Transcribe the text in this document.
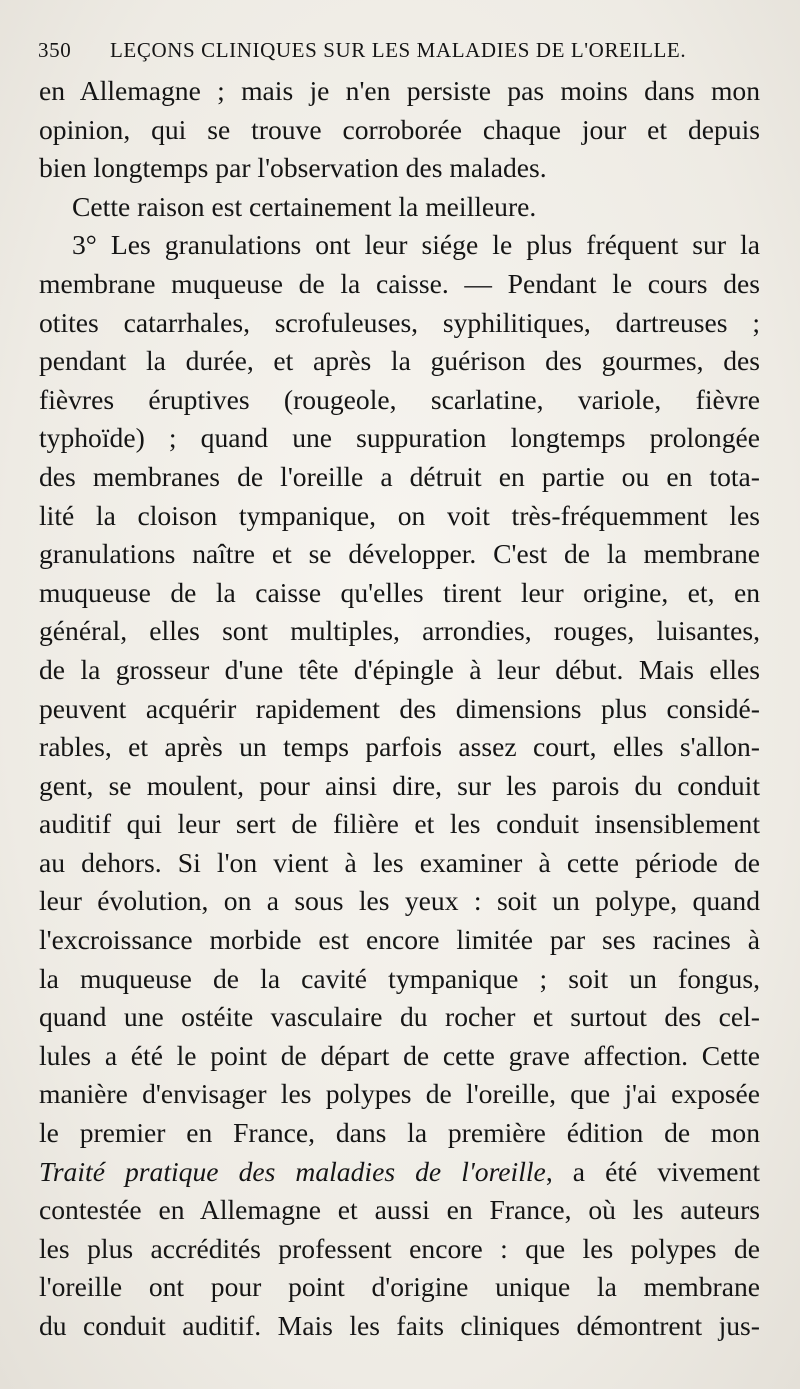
350 LEÇONS CLINIQUES SUR LES MALADIES DE L'OREILLE.
en Allemagne ; mais je n'en persiste pas moins dans mon
opinion, qui se trouve corroborée chaque jour et depuis
bien longtemps par l'observation des malades.
Cette raison est certainement la meilleure.
3° Les granulations ont leur siége le plus fréquent sur la
membrane muqueuse de la caisse. — Pendant le cours des
otites catarrhales, scrofuleuses, syphilitiques, dartreuses ;
pendant la durée, et après la guérison des gourmes, des
fièvres éruptives (rougeole, scarlatine, variole, fièvre
typhoïde) ; quand une suppuration longtemps prolongée
des membranes de l'oreille a détruit en partie ou en tota-
lité la cloison tympanique, on voit très-fréquemment les
granulations naître et se développer. C'est de la membrane
muqueuse de la caisse qu'elles tirent leur origine, et, en
général, elles sont multiples, arrondies, rouges, luisantes,
de la grosseur d'une tête d'épingle à leur début. Mais elles
peuvent acquérir rapidement des dimensions plus considé-
rables, et après un temps parfois assez court, elles s'allon-
gent, se moulent, pour ainsi dire, sur les parois du conduit
auditif qui leur sert de filière et les conduit insensiblement
au dehors. Si l'on vient à les examiner à cette période de
leur évolution, on a sous les yeux : soit un polype, quand
l'excroissance morbide est encore limitée par ses racines à
la muqueuse de la cavité tympanique ; soit un fongus,
quand une ostéite vasculaire du rocher et surtout des cel-
lules a été le point de départ de cette grave affection. Cette
manière d'envisager les polypes de l'oreille, que j'ai exposée
le premier en France, dans la première édition de mon
Traité pratique des maladies de l'oreille, a été vivement
contestée en Allemagne et aussi en France, où les auteurs
les plus accrédités professent encore : que les polypes de
l'oreille ont pour point d'origine unique la membrane
du conduit auditif. Mais les faits cliniques démontrent jus-
